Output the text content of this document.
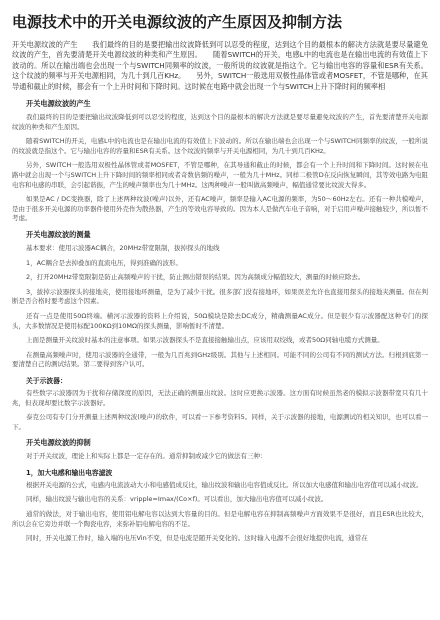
电源技术中的开关电源纹波的产生原因及抑制方法
开关电源纹波的产生　　我们最终的目的是要把输出纹波降低到可以忍受的程度，达到这个目的最根本的解决方法就是要尽量避免纹波的产生，首先要清楚开关电源纹波的种类和产生原因。　　随着SWITCH的开关，电感L中的电流也是在输出电流的有效值上下波动的。所以在输出端也会出现一个与SWITCH同频率的纹波，一般所说的纹波就是指这个。它与输出电容的容量和ESR有关系。这个纹波的频率与开关电源相同，为几十到几百KHz。　　另外，SWITCH一般选用双极性晶体管或者MOSFET，不管是哪种，在其导通和截止的时候，都会有一个上升时间和下降时间。这时候在电路中就会出现一个与SWITCH上升下降时间的频率相
开关电源纹波的产生

我们最终的目的是要把输出纹波降低到可以忍受的程度，达到这个目的最根本的解决方法就是要尽量避免纹波的产生，首先要清楚开关电源纹波的种类和产生原因。

随着SWITCH的开关，电感L中的电流也是在输出电流的有效值上下波动的。所以在输出端也会出现一个与SWITCH同频率的纹波，一般所说的纹波就是指这个。它与输出电容的容量和ESR有关系。这个纹波的频率与开关电源相同，为几十到几百KHz。

另外，SWITCH一般选用双极性晶体管或者MOSFET，不管是哪种，在其导通和截止的时候，都会有一个上升时间和下降时间。这时候在电路中就会出现一个与SWITCH上升下降时间的频率相同或者奇数倍频的噪声，一般为几十MHz。同样二极管D在反向恢复瞬间，其等效电路为电阻电容和电感的串联，会引起谐振，产生的噪声频率也为几十MHz。这两种噪声一般叫做高频噪声，幅值通常要比纹波大得多。

如果是AC / DC变换器，除了上述两种纹波(噪声)以外，还有AC噪声，频率是输入AC电源的频率，为50～60Hz左右。还有一种共模噪声，是由于很多开关电源的功率器件使用外壳作为散热器，产生的等效电容导致的。因为本人是做汽车电子音响，对于启用声噪声接触较少，所以暂不考虑。

开关电源纹波的测量

基本要求：使用示波器AC耦合，20MHz带宽限制，拔掉探头的地线

1，AC耦合是去掉叠加的直流电压，得到准确的波形。

2，打开20MHz带宽限制是防止高频噪声的干扰，防止测出错误的结果。因为高频成分幅值较大，测量的时候应除去。

3，拔掉示波器探头的接地夹，使用接地环测量，是为了减少干扰。很多部门没有接地环，如果误差允许也直接用探头的接地夹测量。但在判断是否合格时要考虑这个因素。

还有一点是使用50Ω终端。横河示波器的资料上介绍说，50Ω模块是除去DC成分，精确测量AC成分。但是很少有示波器配这种专门的探头，大多数情况是使用标配100KΩ到10MΩ的探头测量，影响暂时不清楚。

上面是测量开关纹波时基本的注意事项。如果示波器探头不是直接接触输出点，应该用双绞线，或者50Ω同轴电缆方式测量。

在测量高频噪声时，使用示波器的全通带，一般为几百兆到GHz级别。其他与上述相同。可能不同的公司有不同的测试方法。归根到底第一要清楚自己的测试结果。第二要得到客户认可。

关于示波器：

有些数字示波器因为干扰和存储深度的原因，无法正确的测量出纹波。这时应更换示波器。这方面有时候虽然老的模拟示波器带宽只有几十兆，但表现却要比数字示波器好。

泰克公司有专门分开测量上述两种纹波(噪声)的软件，可以看一下参考资料5。同样，关于示波器的接地，电源测试的相关知识，也可以看一下。

开关电源纹波的抑制

对于开关纹波，理论上和实际上都是一定存在的。通常抑制或减少它的做法有三种：

1，加大电感和输出电容滤波

根据开关电源的公式，电感内电流波动大小和电感值成反比，输出纹波和输出电容值成反比。所以加大电感值和输出电容值可以减小纹波。

同样，输出纹波与输出电容的关系：vripple=Imax/(Co×f)。可以看出，加大输出电容值可以减小纹波。

通常的做法，对于输出电容，使用铝电解电容以达到大容量的目的。但是电解电容在抑制高频噪声方面效果不是很好，而且ESR也比较大，所以会在它旁边并联一个陶瓷电容，来弥补铝电解电容的不足。

同时，开关电源工作时，输入端的电压Vin不变，但是电流是随开关变化的。这时输入电源不会很好地提供电流，通常在
